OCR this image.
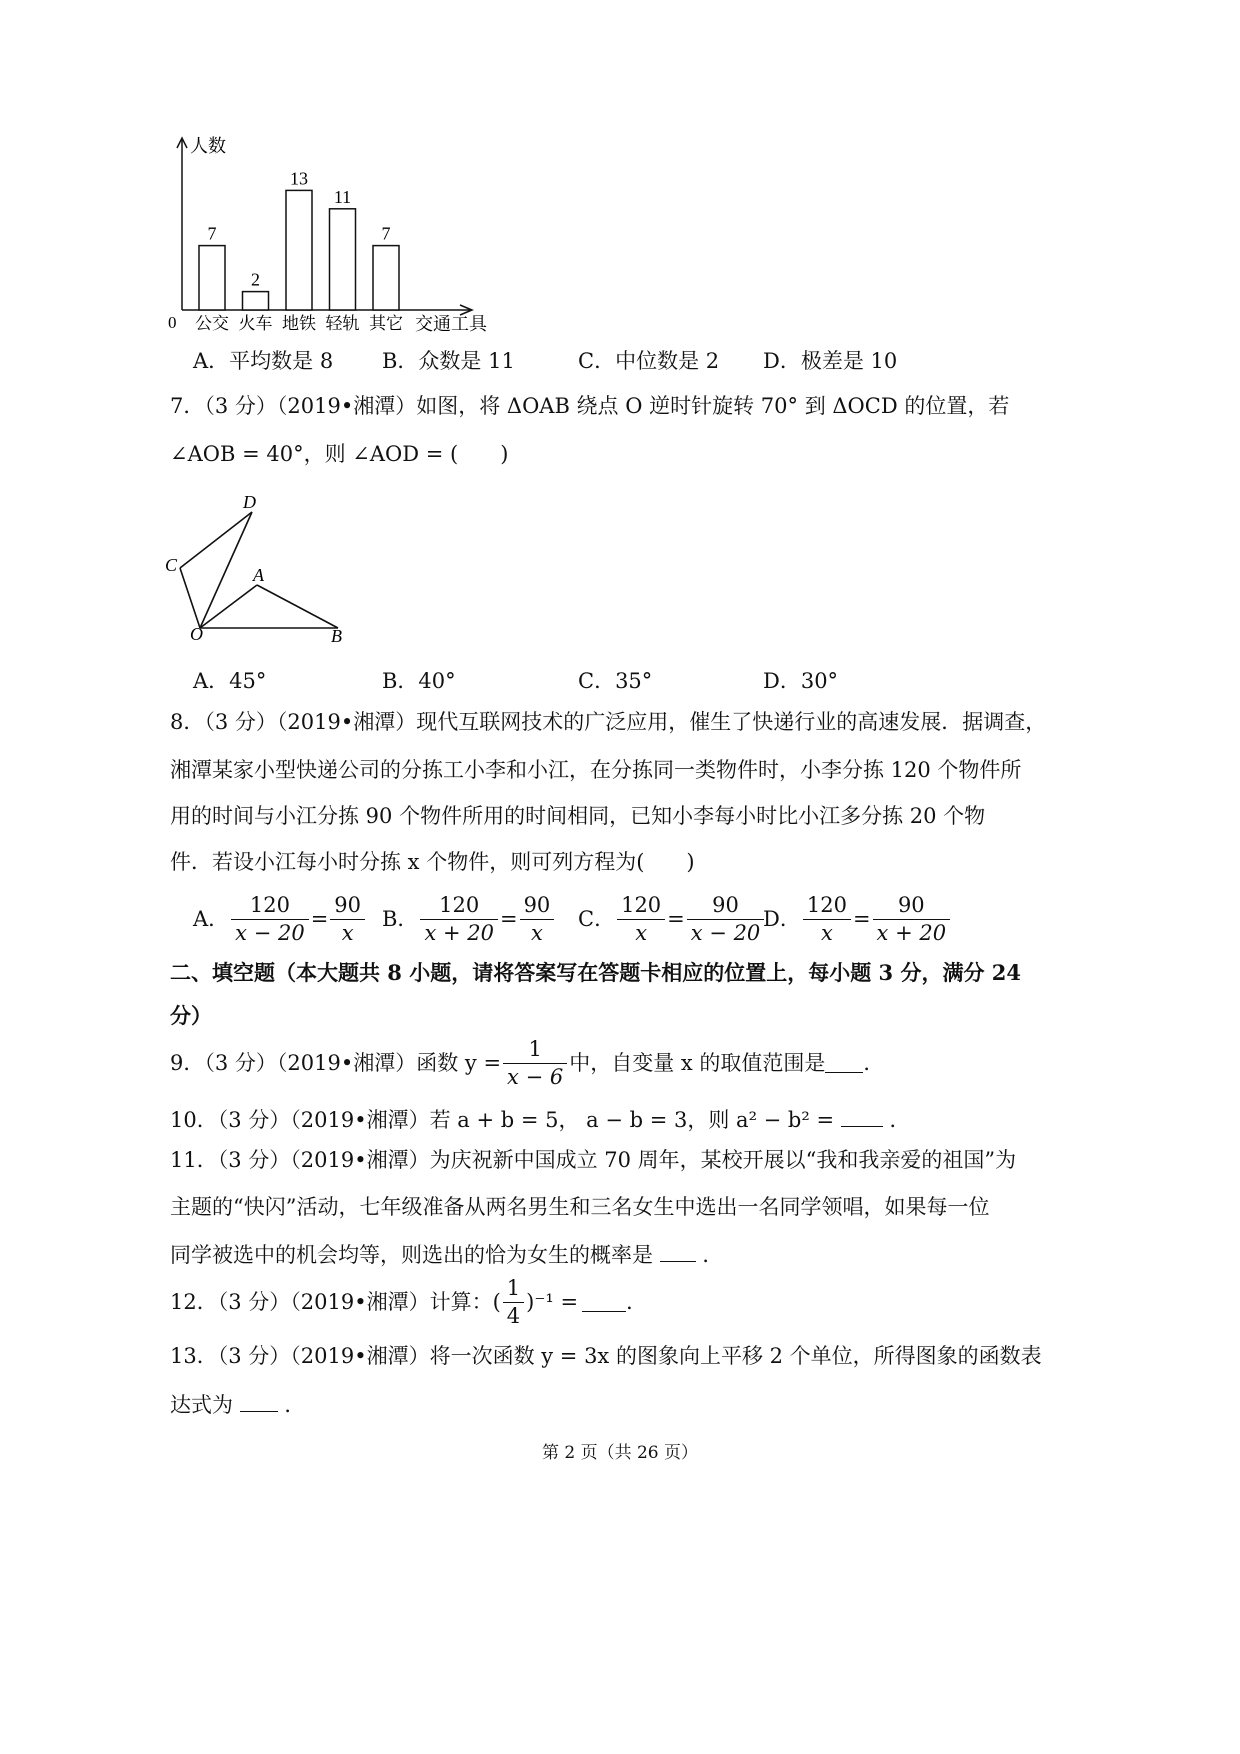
人数
交通工具
0
7
公交
2
火车
13
地铁
11
轻轨
7
其它
A．平均数是 8 B．众数是 11	C．中位数是 2 D．极差是 10
7．（3 分）（2019•湘潭）如图，将 ΔOAB 绕点 O 逆时针旋转 70° 到 ΔOCD 的位置，若
∠AOB = 40°，则 ∠AOD = (　　)
O
A
B
C
D
A．45°	B．40°	C．35°	D．30°
8．（3 分）（2019•湘潭）现代互联网技术的广泛应用，催生了快递行业的高速发展．据调查，
湘潭某家小型快递公司的分拣工小李和小江，在分拣同一类物件时，小李分拣 120 个物件所
用的时间与小江分拣 90 个物件所用的时间相同，已知小李每小时比小江多分拣 20 个物
件．若设小江每小时分拣 x 个物件，则可列方程为(　　)
A． $\frac{120}{x - 20} = \frac{90}{x}$ B． $\frac{120}{x + 20} = \frac{90}{x}$ C． $\frac{120}{x} = \frac{90}{x - 20}$
D． $\frac{120}{x} = \frac{90}{x + 20}$
二、填空题（本大题共 8 小题，请将答案写在答题卡相应的位置上，每小题 3 分，满分 24
分）
9．（3 分）（2019•湘潭）函数 $y = \frac{1}{x - 6}$ 中，自变量 x 的取值范围是 ．
10．（3 分）（2019•湘潭）若 a + b = 5， a − b = 3，则 a² − b² =	．
11．（3 分）（2019•湘潭）为庆祝新中国成立 70 周年，某校开展以“我和我亲爱的祖国”为
主题的“快闪”活动，七年级准备从两名男生和三名女生中选出一名同学领唱，如果每一位
同学被选中的机会均等，则选出的恰为女生的概率是 ．
12．（3 分）（2019•湘潭）计算：( $\frac{1}{4} )^{-1}$ = ．
13．（3 分）（2019•湘潭）将一次函数 y = 3x 的图象向上平移 2 个单位，所得图象的函数表
达式为 ．
第 2 页（共 26 页）
